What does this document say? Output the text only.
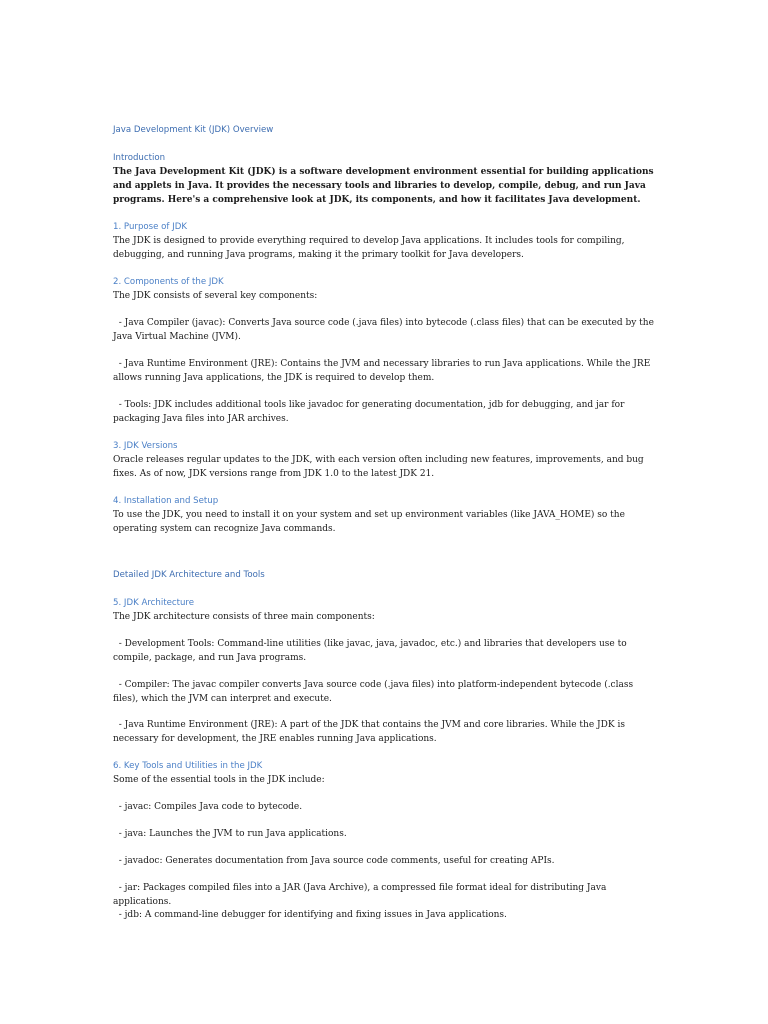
Java Development Kit (JDK) Overview
Introduction

The Java Development Kit (JDK) is a software development environment essential for building applications and applets in Java. It provides the necessary tools and libraries to develop, compile, debug, and run Java programs. Here's a comprehensive look at JDK, its components, and how it facilitates Java development.

1. Purpose of JDK

The JDK is designed to provide everything required to develop Java applications. It includes tools for compiling, debugging, and running Java programs, making it the primary toolkit for Java developers.

2. Components of the JDK

The JDK consists of several key components:

- Java Compiler (javac): Converts Java source code (.java files) into bytecode (.class files) that can be executed by the Java Virtual Machine (JVM).

- Java Runtime Environment (JRE): Contains the JVM and necessary libraries to run Java applications. While the JRE allows running Java applications, the JDK is required to develop them.

- Tools: JDK includes additional tools like javadoc for generating documentation, jdb for debugging, and jar for packaging Java files into JAR archives.

3. JDK Versions

Oracle releases regular updates to the JDK, with each version often including new features, improvements, and bug fixes. As of now, JDK versions range from JDK 1.0 to the latest JDK 21.

4. Installation and Setup

To use the JDK, you need to install it on your system and set up environment variables (like JAVA_HOME) so the operating system can recognize Java commands.

Detailed JDK Architecture and Tools
5. JDK Architecture

The JDK architecture consists of three main components:

- Development Tools: Command-line utilities (like javac, java, javadoc, etc.) and libraries that developers use to compile, package, and run Java programs.

- Compiler: The javac compiler converts Java source code (.java files) into platform-independent bytecode (.class files), which the JVM can interpret and execute.

- Java Runtime Environment (JRE): A part of the JDK that contains the JVM and core libraries. While the JDK is necessary for development, the JRE enables running Java applications.

6. Key Tools and Utilities in the JDK

Some of the essential tools in the JDK include:

- javac: Compiles Java code to bytecode.

- java: Launches the JVM to run Java applications.

- javadoc: Generates documentation from Java source code comments, useful for creating APIs.

- jar: Packages compiled files into a JAR (Java Archive), a compressed file format ideal for distributing Java applications.

- jdb: A command-line debugger for identifying and fixing issues in Java applications.
